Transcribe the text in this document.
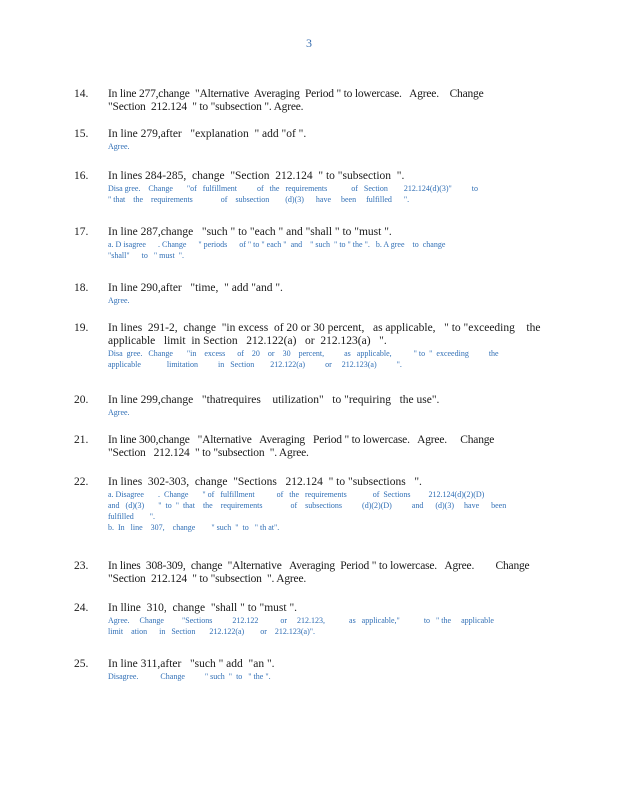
3
14. In line 277,change  "Alternative  Averaging  Period " to lowercase.   Agree.    Change
"Section  212.124  " to "subsection ". Agree.
15. In line 279,after   "explanation  " add "of ".
Agree.
16. In lines 284-285,  change  "Section  212.124  " to "subsection  ".
Disa gree.    Change       "of   fulfillment          of   the   requirements            of   Section        212.124(d)(3)"          to
" that    the    requirements              of    subsection        (d)(3)      have     been     fulfilled      ".
17. In line 287,change   "such " to "each " and "shall " to "must ".
a. D isagree      . Change      " periods      of " to " each "  and    " such  " to " the ".   b. A gree    to  change
"shall"      to   " must  ".
18. In line 290,after   "time,  " add "and ".
Agree.
19. In lines  291-2,  change  "in excess  of 20 or 30 percent,   as applicable,   " to "exceeding    the
applicable   limit  in Section   212.122(a)   or  212.123(a)   ".
Disa  gree.   Change       "in    excess      of    20    or    30    percent,          as   applicable,           " to  "  exceeding          the
applicable             limitation          in   Section        212.122(a)          or     212.123(a)          ".
20. In line 299,change   "thatrequires    utilization"   to "requiring   the use".
Agree.
21. In line 300,change   "Alternative   Averaging   Period " to lowercase.   Agree.     Change
"Section   212.124  " to "subsection  ". Agree.
22. In lines  302-303,  change  "Sections   212.124  " to "subsections   ".
a. Disagree       .  Change       " of   fulfillment           of   the   requirements             of  Sections         212.124(d)(2)(D)
and   (d)(3)       "  to  "  that    the    requirements              of    subsections          (d)(2)(D)          and      (d)(3)     have      been
fulfilled        ".
b.  In   line    307,    change        " such  "  to   " th at".
23. In lines  308-309,  change  "Alternative   Averaging  Period " to lowercase.   Agree.        Change
"Section  212.124  " to "subsection  ". Agree.
24. In lline  310,  change  "shall " to "must ".
Agree.     Change         "Sections          212.122           or     212.123,            as   applicable,"            to   " the     applicable
limit    ation      in   Section       212.122(a)        or    212.123(a)".
25. In line 311,after   "such " add  "an ".
Disagree.           Change          " such  "  to   " the ".
